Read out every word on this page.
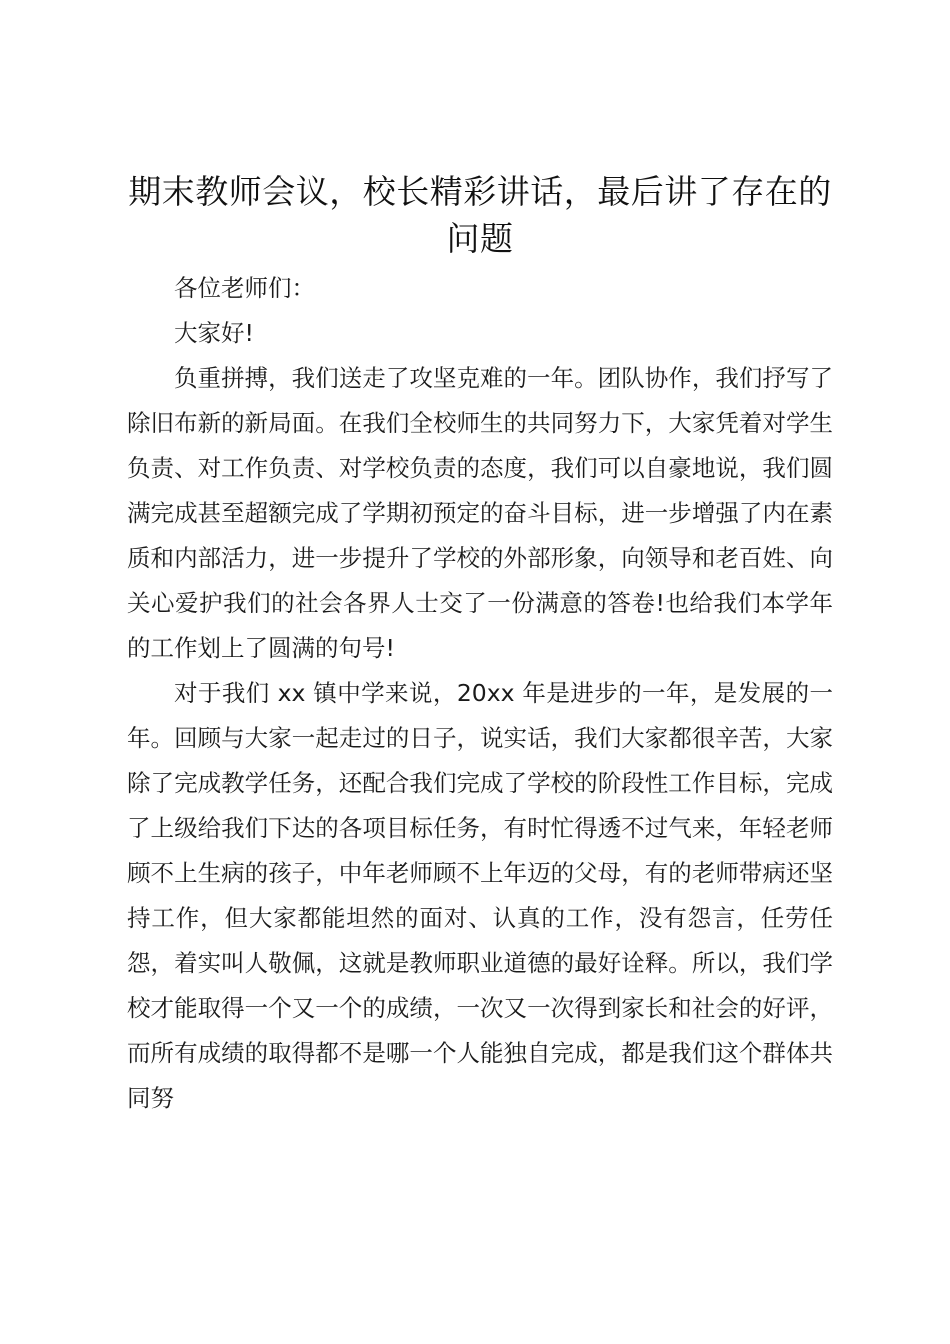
期末教师会议，校长精彩讲话，最后讲了存在的问题

各位老师们：

大家好!

负重拼搏，我们送走了攻坚克难的一年。团队协作，我们抒写了除旧布新的新局面。在我们全校师生的共同努力下，大家凭着对学生负责、对工作负责、对学校负责的态度，我们可以自豪地说，我们圆满完成甚至超额完成了学期初预定的奋斗目标，进一步增强了内在素质和内部活力，进一步提升了学校的外部形象，向领导和老百姓、向关心爱护我们的社会各界人士交了一份满意的答卷!也给我们本学年的工作划上了圆满的句号!

对于我们 xx 镇中学来说，20xx 年是进步的一年，是发展的一年。回顾与大家一起走过的日子，说实话，我们大家都很辛苦，大家除了完成教学任务，还配合我们完成了学校的阶段性工作目标，完成了上级给我们下达的各项目标任务，有时忙得透不过气来，年轻老师顾不上生病的孩子，中年老师顾不上年迈的父母，有的老师带病还坚持工作，但大家都能坦然的面对、认真的工作，没有怨言，任劳任怨，着实叫人敬佩，这就是教师职业道德的最好诠释。所以，我们学校才能取得一个又一个的成绩，一次又一次得到家长和社会的好评，而所有成绩的取得都不是哪一个人能独自完成，都是我们这个群体共同努
